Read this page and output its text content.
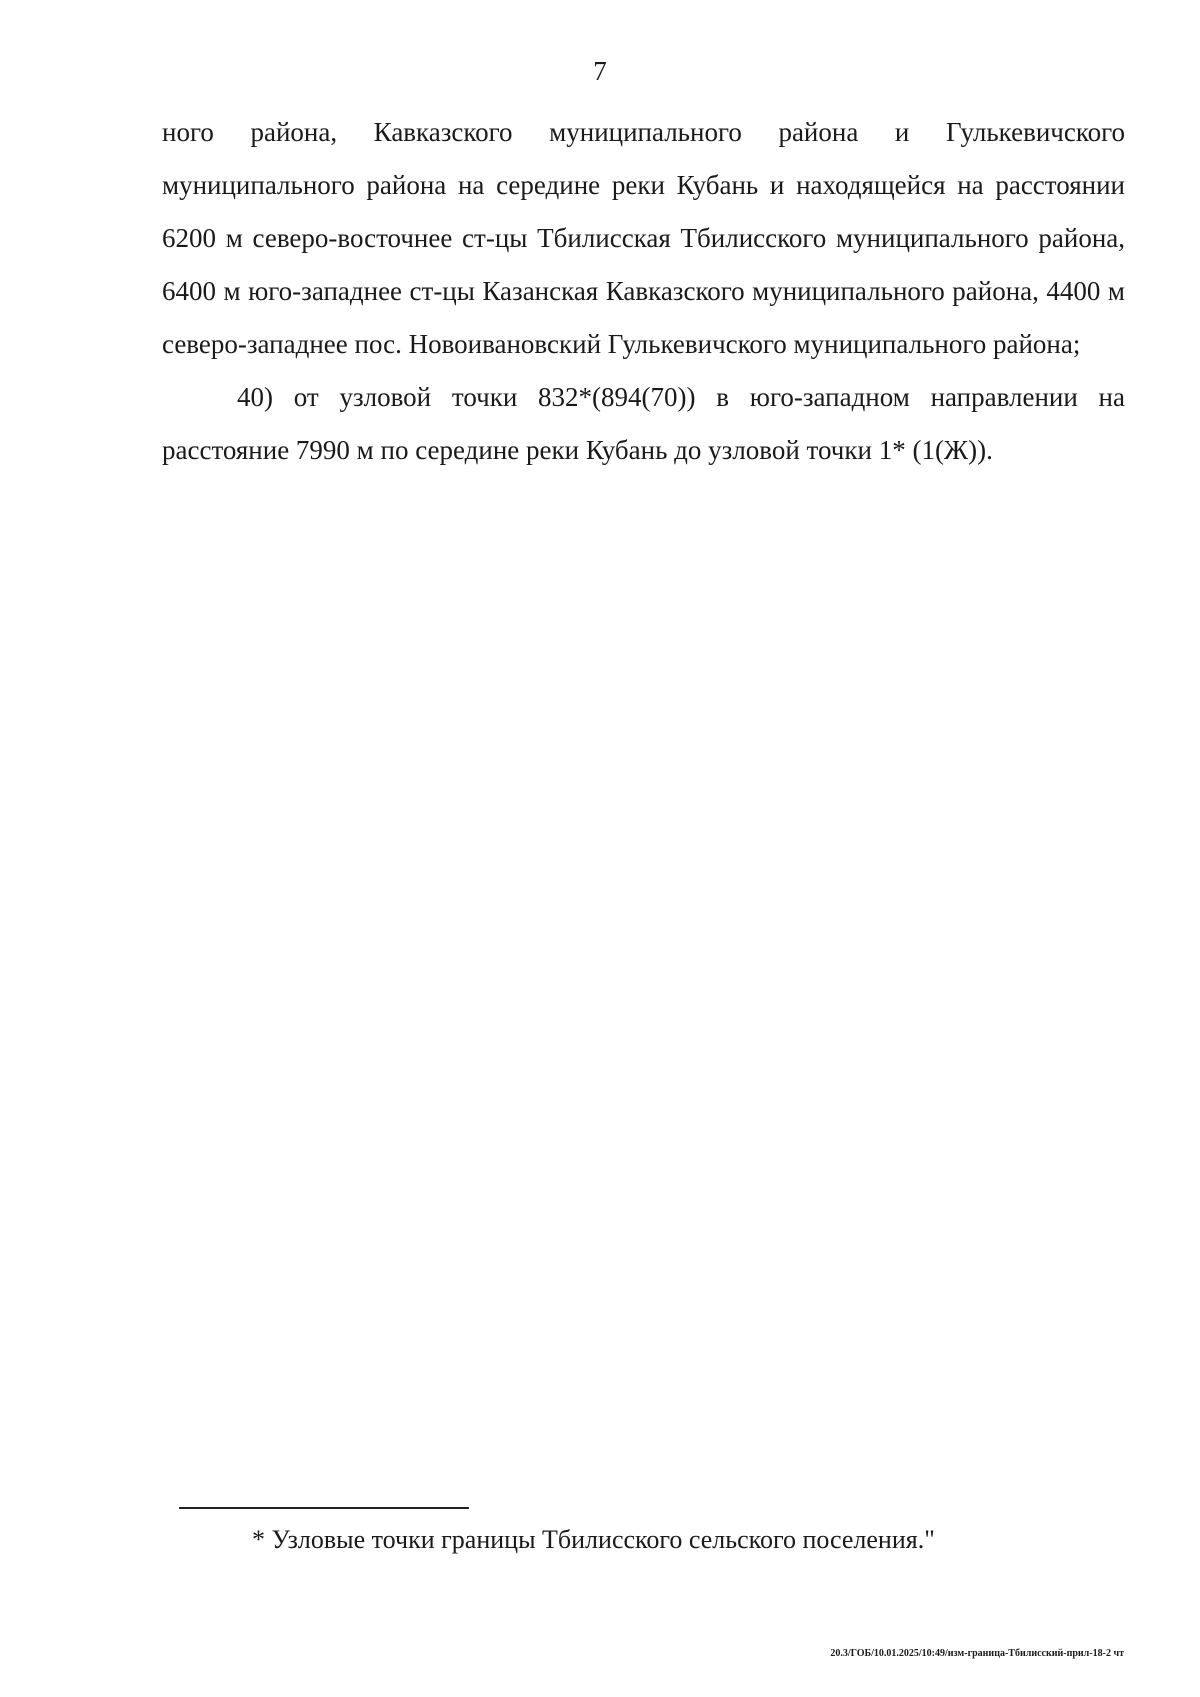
7

ного района, Кавказского муниципального района и Гулькевичского муниципального района на середине реки Кубань и находящейся на расстоянии 6200 м северо-восточнее ст-цы Тбилисская Тбилисского муниципального района, 6400 м юго-западнее ст-цы Казанская Кавказского муниципального района, 4400 м северо-западнее пос. Новоивановский Гулькевичского муниципального района;

40) от узловой точки 832*(894(70)) в юго-западном направлении на расстояние 7990 м по середине реки Кубань до узловой точки 1* (1(Ж)).

* Узловые точки границы Тбилисского сельского поселения."
20.3/ГОБ/10.01.2025/10:49/изм-граница-Тбилисский-прил-18-2 чт
